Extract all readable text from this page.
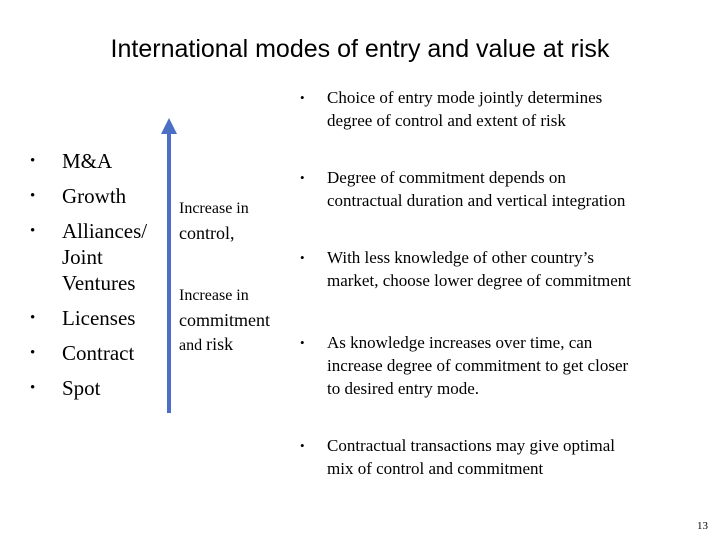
International modes of entry and value at risk
• M&A
• Growth
• Alliances/ Joint Ventures
• Licenses
• Contract
• Spot
Increase in
control,
Increase in
commitment
and risk
• Choice of entry mode jointly determines
degree of control and extent of risk
• Degree of commitment depends on
contractual duration and vertical integration
• With less knowledge of other country’s
market, choose lower degree of commitment
• As knowledge increases over time, can
increase degree of commitment to get closer
to desired entry mode.
• Contractual transactions may give optimal
mix of control and commitment
13
